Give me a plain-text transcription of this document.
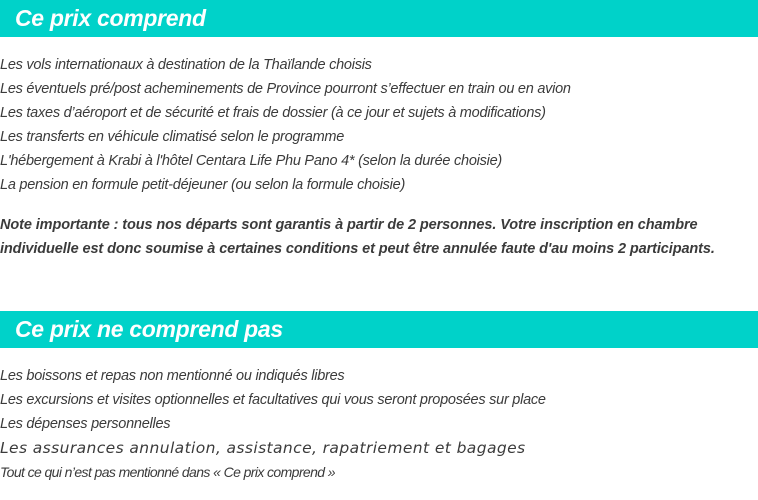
Ce prix comprend
Les vols internationaux à destination de la Thaïlande choisis
Les éventuels pré/post acheminements de Province pourront s’effectuer en train ou en avion
Les taxes d’aéroport et de sécurité et frais de dossier (à ce jour et sujets à modifications)
Les transferts en véhicule climatisé selon le programme
L'hébergement à Krabi à l'hôtel Centara Life Phu Pano 4* (selon la durée choisie)
La pension en formule petit-déjeuner (ou selon la formule choisie)

Note importante : tous nos départs sont garantis à partir de 2 personnes. Votre inscription en chambre individuelle est donc soumise à certaines conditions et peut être annulée faute d'au moins 2 participants.

Ce prix ne comprend pas
Les boissons et repas non mentionné ou indiqués libres
Les excursions et visites optionnelles et facultatives qui vous seront proposées sur place
Les dépenses personnelles
Les assurances annulation, assistance, rapatriement et bagages
Tout ce qui n’est pas mentionné dans « Ce prix comprend »
